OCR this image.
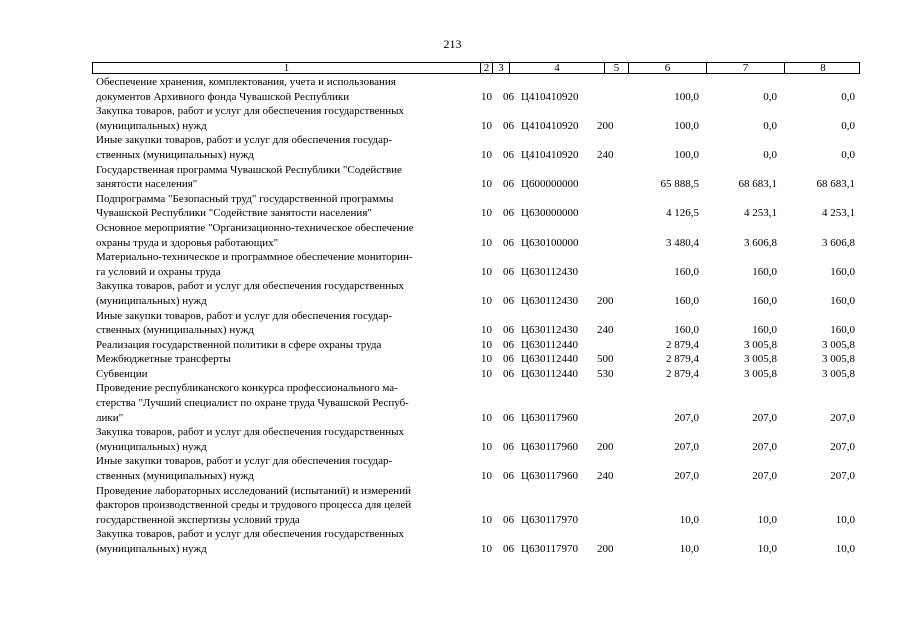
213
1	2 3	4	5	6	7	8
Обеспечение хранения, комплектования, учета и использования
документов Архивного фонда Чувашской Республики	10 06 Ц410410920	100,0	0,0	0,0
Закупка товаров, работ и услуг для обеспечения государственных
(муниципальных) нужд	10 06 Ц410410920 200	100,0	0,0	0,0
Иные закупки товаров, работ и услуг для обеспечения государ-
ственных (муниципальных) нужд	10 06 Ц410410920 240	100,0	0,0	0,0
Государственная программа Чувашской Республики "Содействие
занятости населения"	10 06 Ц600000000	65 888,5	68 683,1	68 683,1
Подпрограмма "Безопасный труд" государственной программы
Чувашской Республики "Содействие занятости населения"	10 06 Ц630000000	4 126,5	4 253,1	4 253,1
Основное мероприятие "Организационно-техническое обеспечение
охраны труда и здоровья работающих"	10 06 Ц630100000	3 480,4	3 606,8	3 606,8
Материально-техническое и программное обеспечение мониторин-
га условий и охраны труда	10 06 Ц630112430	160,0	160,0	160,0
Закупка товаров, работ и услуг для обеспечения государственных
(муниципальных) нужд	10 06 Ц630112430 200	160,0	160,0	160,0
Иные закупки товаров, работ и услуг для обеспечения государ-
ственных (муниципальных) нужд	10 06 Ц630112430 240	160,0	160,0	160,0
Реализация государственной политики в сфере охраны труда	10 06 Ц630112440	2 879,4	3 005,8	3 005,8
Межбюджетные трансферты	10 06 Ц630112440 500	2 879,4	3 005,8	3 005,8
Субвенции	10 06 Ц630112440 530	2 879,4	3 005,8	3 005,8
Проведение республиканского конкурса профессионального ма-
стерства "Лучший специалист по охране труда Чувашской Респуб-
лики"	10 06 Ц630117960	207,0	207,0	207,0
Закупка товаров, работ и услуг для обеспечения государственных
(муниципальных) нужд	10 06 Ц630117960 200	207,0	207,0	207,0
Иные закупки товаров, работ и услуг для обеспечения государ-
ственных (муниципальных) нужд	10 06 Ц630117960 240	207,0	207,0	207,0
Проведение лабораторных исследований (испытаний) и измерений
факторов производственной среды и трудового процесса для целей
государственной экспертизы условий труда	10 06 Ц630117970	10,0	10,0	10,0
Закупка товаров, работ и услуг для обеспечения государственных
(муниципальных) нужд	10 06 Ц630117970 200	10,0	10,0	10,0
